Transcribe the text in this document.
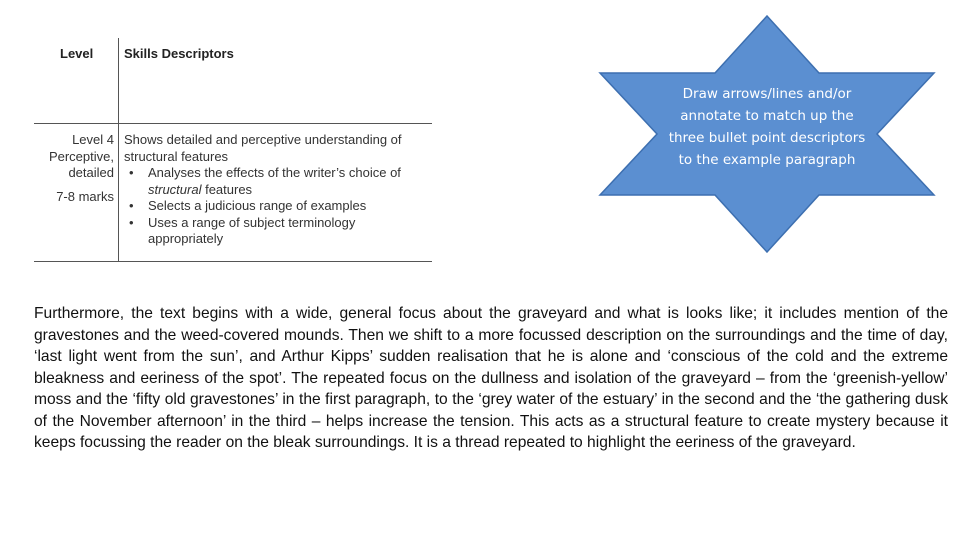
Level Skills Descriptors
Level 4
Perceptive,
detailed
7-8 marks
Shows detailed and perceptive understanding of structural features
• Analyses the effects of the writer’s choice of structural features
• Selects a judicious range of examples
• Uses a range of subject terminology appropriately
Draw arrows/lines and/or annotate to match up the three bullet point descriptors to the example paragraph

Furthermore, the text begins with a wide, general focus about the graveyard and what is looks like; it includes mention of the gravestones and the weed-covered mounds. Then we shift to a more focussed description on the surroundings and the time of day, ‘last light went from the sun’, and Arthur Kipps’ sudden realisation that he is alone and ‘conscious of the cold and the extreme bleakness and eeriness of the spot’. The repeated focus on the dullness and isolation of the graveyard – from the ‘greenish-yellow’ moss and the ‘fifty old gravestones’ in the first paragraph, to the ‘grey water of the estuary’ in the second and the ‘the gathering dusk of the November afternoon’ in the third – helps increase the tension. This acts as a structural feature to create mystery because it keeps focussing the reader on the bleak surroundings. It is a thread repeated to highlight the eeriness of the graveyard.
